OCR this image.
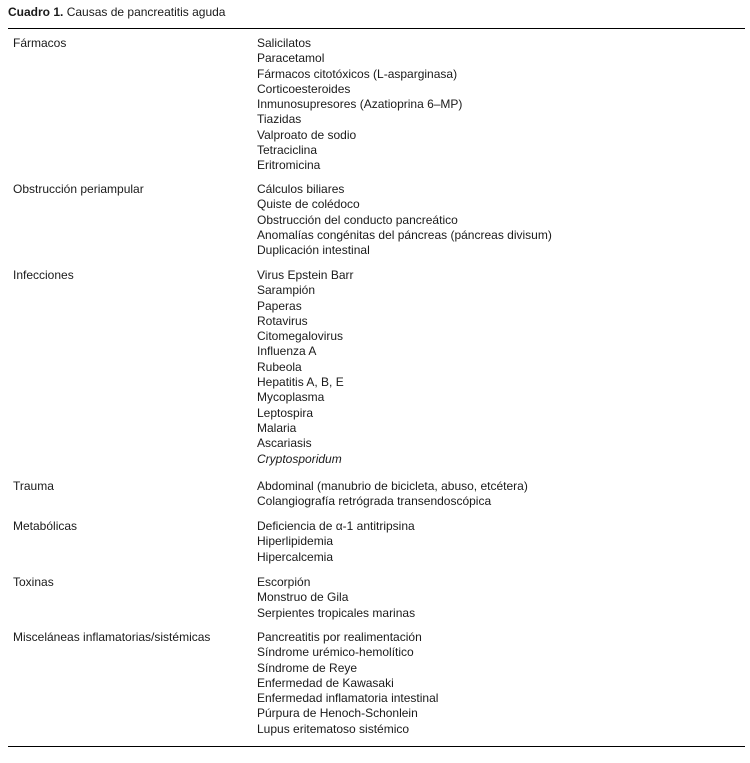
Cuadro 1. Causas de pancreatitis aguda
Fármacos	Salicilatos
Paracetamol
Fármacos citotóxicos (L-asparginasa)
Corticoesteroides
Inmunosupresores (Azatioprina 6–MP)
Tiazidas
Valproato de sodio
Tetraciclina
Eritromicina
Obstrucción periampular	Cálculos biliares
Quiste de colédoco
Obstrucción del conducto pancreático
Anomalías congénitas del páncreas (páncreas divisum)
Duplicación intestinal
Infecciones	Virus Epstein Barr
Sarampión
Paperas
Rotavirus
Citomegalovirus
Influenza A
Rubeola
Hepatitis A, B, E
Mycoplasma
Leptospira
Malaria
Ascariasis
Cryptosporidum
Trauma	Abdominal (manubrio de bicicleta, abuso, etcétera)
Colangiografía retrógrada transendoscópica
Metabólicas	Deficiencia de α-1 antitripsina
Hiperlipidemia
Hipercalcemia
Toxinas	Escorpión
Monstruo de Gila
Serpientes tropicales marinas
Misceláneas inflamatorias/sistémicas	Pancreatitis por realimentación
Síndrome urémico-hemolítico
Síndrome de Reye
Enfermedad de Kawasaki
Enfermedad inflamatoria intestinal
Púrpura de Henoch-Schonlein
Lupus eritematoso sistémico
